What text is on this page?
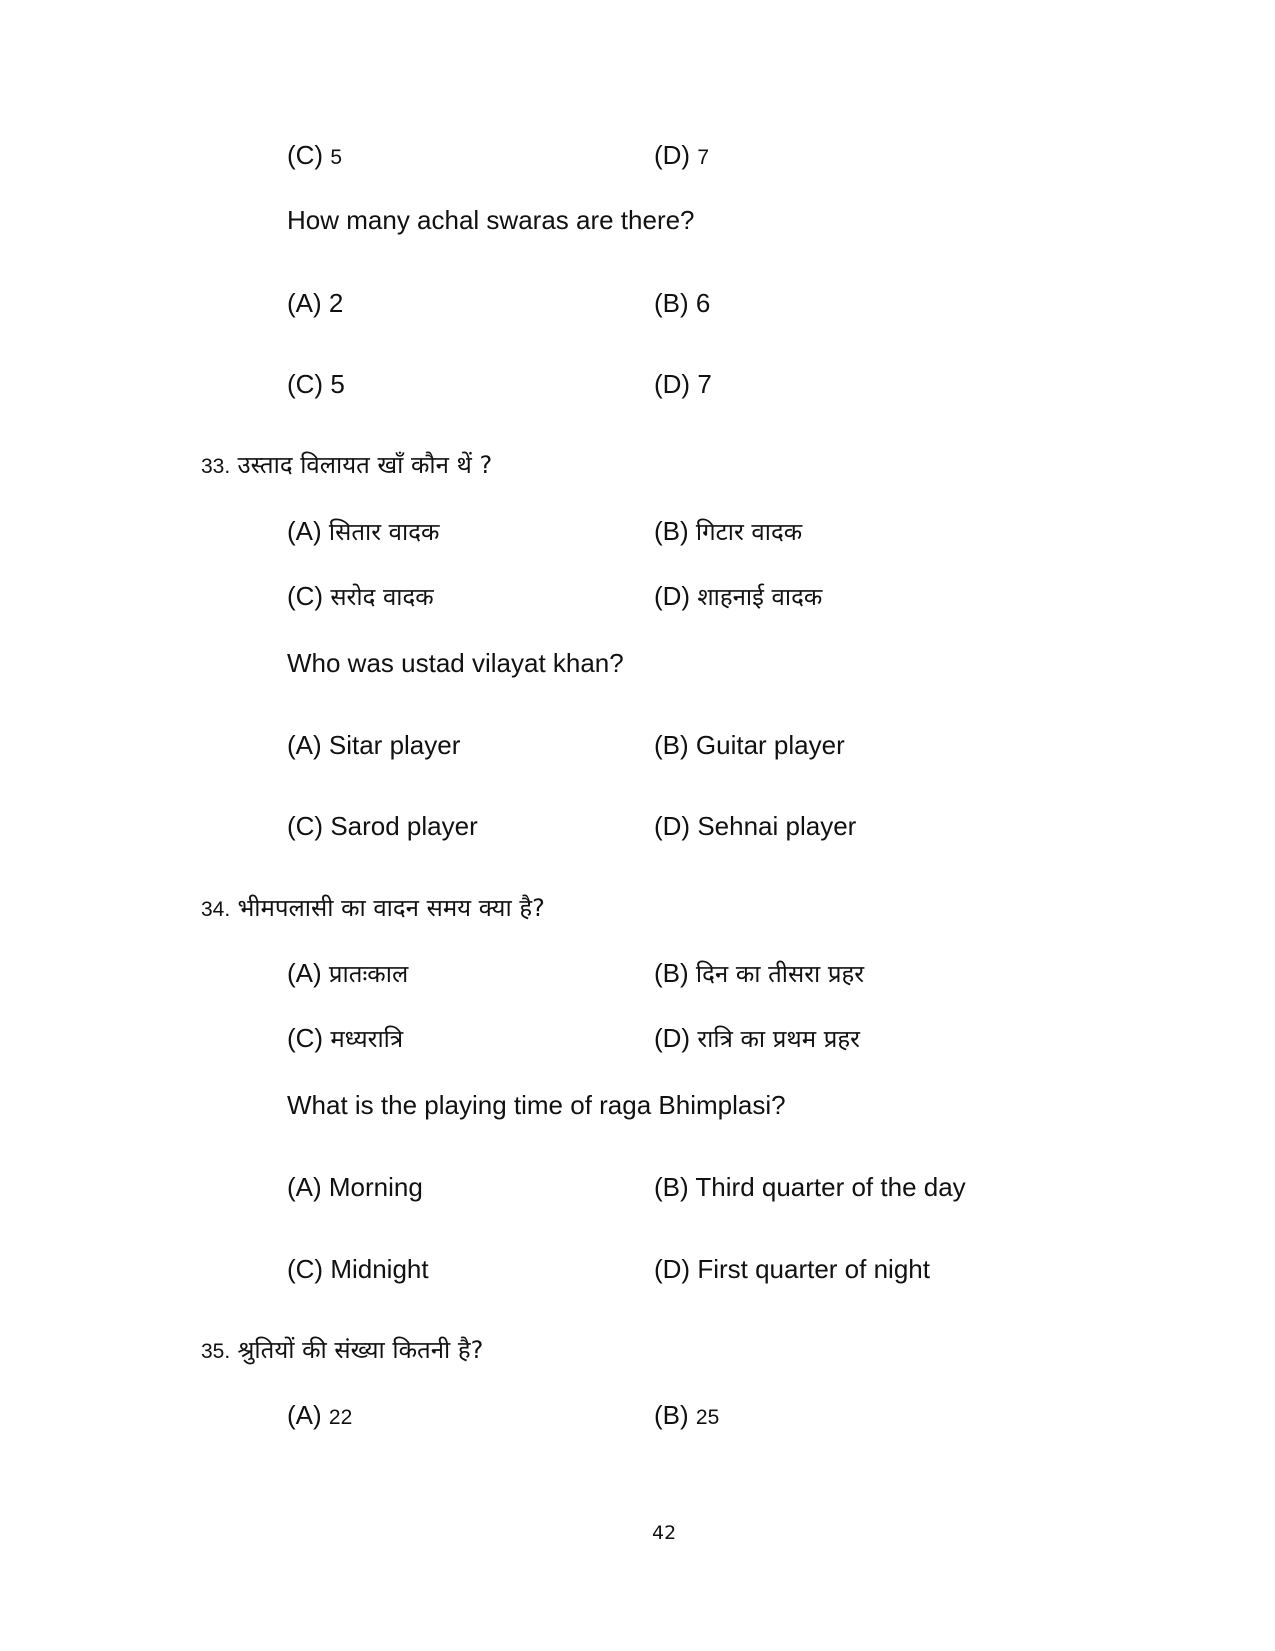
(C) 5	(D) 7
How many achal swaras are there?
(A) 2	(B) 6
(C) 5	(D) 7
33. उस्ताद विलायत खाँ कौन थें ?
(A) सितार वादक	(B) गिटार वादक
(C) सरोद वादक	(D) शाहनाई वादक
Who was ustad vilayat khan?
(A) Sitar player	(B) Guitar player
(C) Sarod player	(D) Sehnai player
34. भीमपलासी का वादन समय क्या है?
(A) प्रातःकाल	(B) दिन का तीसरा प्रहर
(C) मध्यरात्रि	(D) रात्रि का प्रथम प्रहर
What is the playing time of raga Bhimplasi?
(A) Morning	(B) Third quarter of the day
(C) Midnight	(D) First quarter of night
35. श्रुतियों की संख्या कितनी है?
(A) 22	(B) 25
42
